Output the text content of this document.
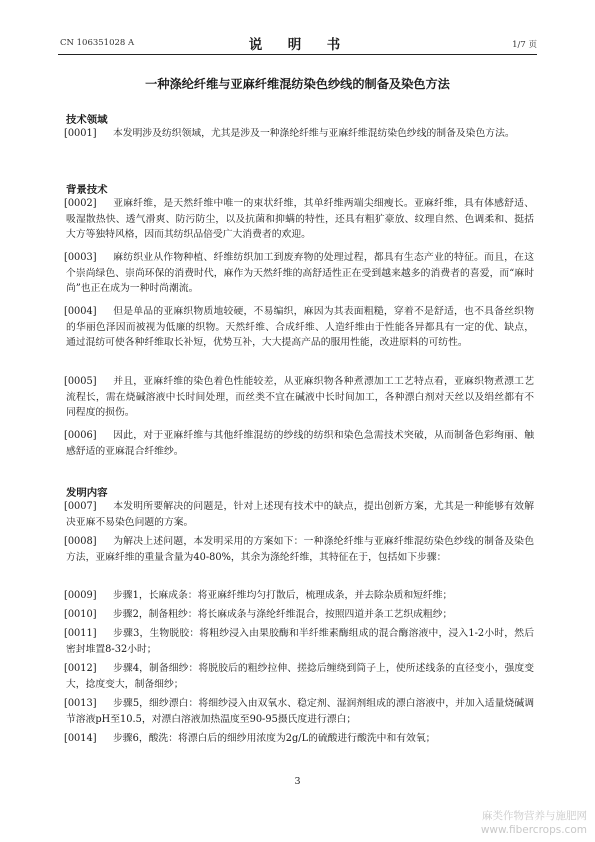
CN 106351028 A	说　明　书	1/7 页
一种涤纶纤维与亚麻纤维混纺染色纱线的制备及染色方法
技术领域
[0001] 本发明涉及纺织领域，尤其是涉及一种涤纶纤维与亚麻纤维混纺染色纱线的制备及染色方法。
背景技术
[0002] 亚麻纤维，是天然纤维中唯一的束状纤维，其单纤维两端尖细瘦长。亚麻纤维，具有体感舒适、吸湿散热快、透气滑爽、防污防尘，以及抗菌和抑螨的特性，还具有粗犷豪放、纹理自然、色调柔和、挺括大方等独特风格，因而其纺织品倍受广大消费者的欢迎。
[0003] 麻纺织业从作物种植、纤维纺织加工到废弃物的处理过程，都具有生态产业的特征。而且，在这个崇尚绿色、崇尚环保的消费时代，麻作为天然纤维的高舒适性正在受到越来越多的消费者的喜爱，而“麻时尚”也正在成为一种时尚潮流。
[0004] 但是单品的亚麻织物质地较硬，不易编织，麻因为其表面粗糙，穿着不是舒适，也不具备丝织物的华丽色泽因而被视为低廉的织物。天然纤维、合成纤维、人造纤维由于性能各异都具有一定的优、缺点，通过混纺可使各种纤维取长补短，优势互补，大大提高产品的服用性能，改进原料的可纺性。
[0005] 并且，亚麻纤维的染色着色性能较差，从亚麻织物各种煮漂加工工艺特点看，亚麻织物煮漂工艺流程长，需在烧碱溶液中长时间处理，而丝类不宜在碱液中长时间加工，各种漂白剂对天丝以及绢丝都有不同程度的损伤。
[0006] 因此，对于亚麻纤维与其他纤维混纺的纱线的纺织和染色急需技术突破，从而制备色彩绚丽、触感舒适的亚麻混合纤维纱。
发明内容
[0007] 本发明所要解决的问题是，针对上述现有技术中的缺点，提出创新方案，尤其是一种能够有效解决亚麻不易染色问题的方案。
[0008] 为解决上述问题，本发明采用的方案如下：一种涤纶纤维与亚麻纤维混纺染色纱线的制备及染色方法，亚麻纤维的重量含量为40-80%，其余为涤纶纤维，其特征在于，包括如下步骤：
[0009] 步骤1，长麻成条：将亚麻纤维均匀打散后，梳理成条，并去除杂质和短纤维；
[0010] 步骤2，制备粗纱：将长麻成条与涤纶纤维混合，按照四道并条工艺织成粗纱；
[0011] 步骤3，生物脱胶：将粗纱浸入由果胶酶和半纤维素酶组成的混合酶溶液中，浸入1-2小时，然后密封堆置8-32小时；
[0012] 步骤4，制备细纱：将脱胶后的粗纱拉伸、搓捻后缠绕到筒子上，使所述线条的直径变小，强度变大，捻度变大，制备细纱；
[0013] 步骤5，细纱漂白：将细纱浸入由双氧水、稳定剂、湿润剂组成的漂白溶液中，并加入适量烧碱调节溶液pH至10.5，对漂白溶液加热温度至90-95摄氏度进行漂白；
[0014] 步骤6，酸洗：将漂白后的细纱用浓度为2g/L的硫酸进行酸洗中和有效氧；
3
麻类作物营养与施肥网
www.fibercrops.com
